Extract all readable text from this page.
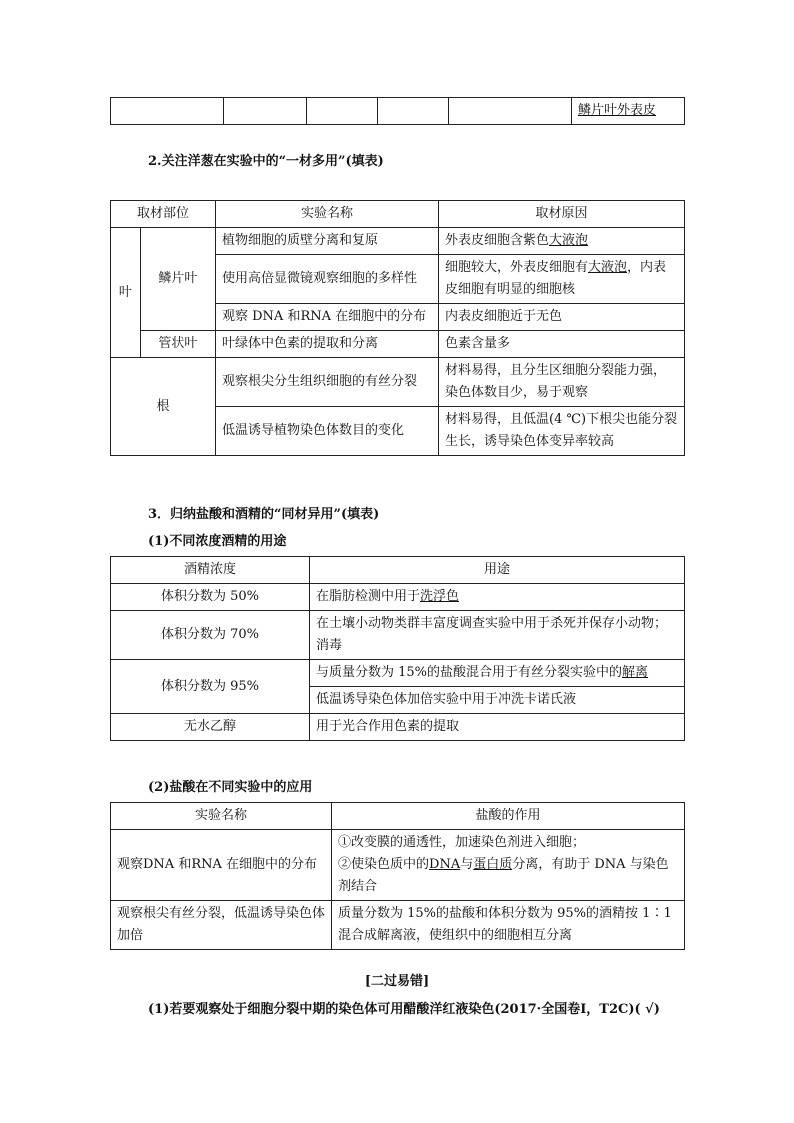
					鳞片叶外表皮
2.关注洋葱在实验中的“一材多用”(填表)
取材部位		实验名称	取材原因
叶	鳞片叶	植物细胞的质壁分离和复原	外表皮细胞含紫色大液泡
		使用高倍显微镜观察细胞的多样性	细胞较大，外表皮细胞有大液泡，内表皮细胞有明显的细胞核
		观察 DNA 和RNA 在细胞中的分布	内表皮细胞近于无色
	管状叶	叶绿体中色素的提取和分离	色素含量多
根		观察根尖分生组织细胞的有丝分裂	材料易得，且分生区细胞分裂能力强，染色体数目少，易于观察
		低温诱导植物染色体数目的变化	材料易得，且低温(4 ℃)下根尖也能分裂生长，诱导染色体变异率较高
3．归纳盐酸和酒精的“同材异用”(填表)
(1)不同浓度酒精的用途
酒精浓度	用途
体积分数为 50%	在脂肪检测中用于洗浮色
体积分数为 70%	在土壤小动物类群丰富度调查实验中用于杀死并保存小动物；消毒
体积分数为 95%	与质量分数为 15%的盐酸混合用于有丝分裂实验中的解离
	低温诱导染色体加倍实验中用于冲洗卡诺氏液
无水乙醇	用于光合作用色素的提取
(2)盐酸在不同实验中的应用
实验名称	盐酸的作用
观察DNA 和RNA 在细胞中的分布	①改变膜的通透性，加速染色剂进入细胞；
②使染色质中的DNA与蛋白质分离，有助于 DNA 与染色剂结合

观察根尖有丝分裂，低温诱导染色体加倍	质量分数为 15%的盐酸和体积分数为 95%的酒精按 1∶1 混合成解离液，使组织中的细胞相互分离
[二过易错]
(1)若要观察处于细胞分裂中期的染色体可用醋酸洋红液染色(2017·全国卷Ⅰ，T2C)( √)
